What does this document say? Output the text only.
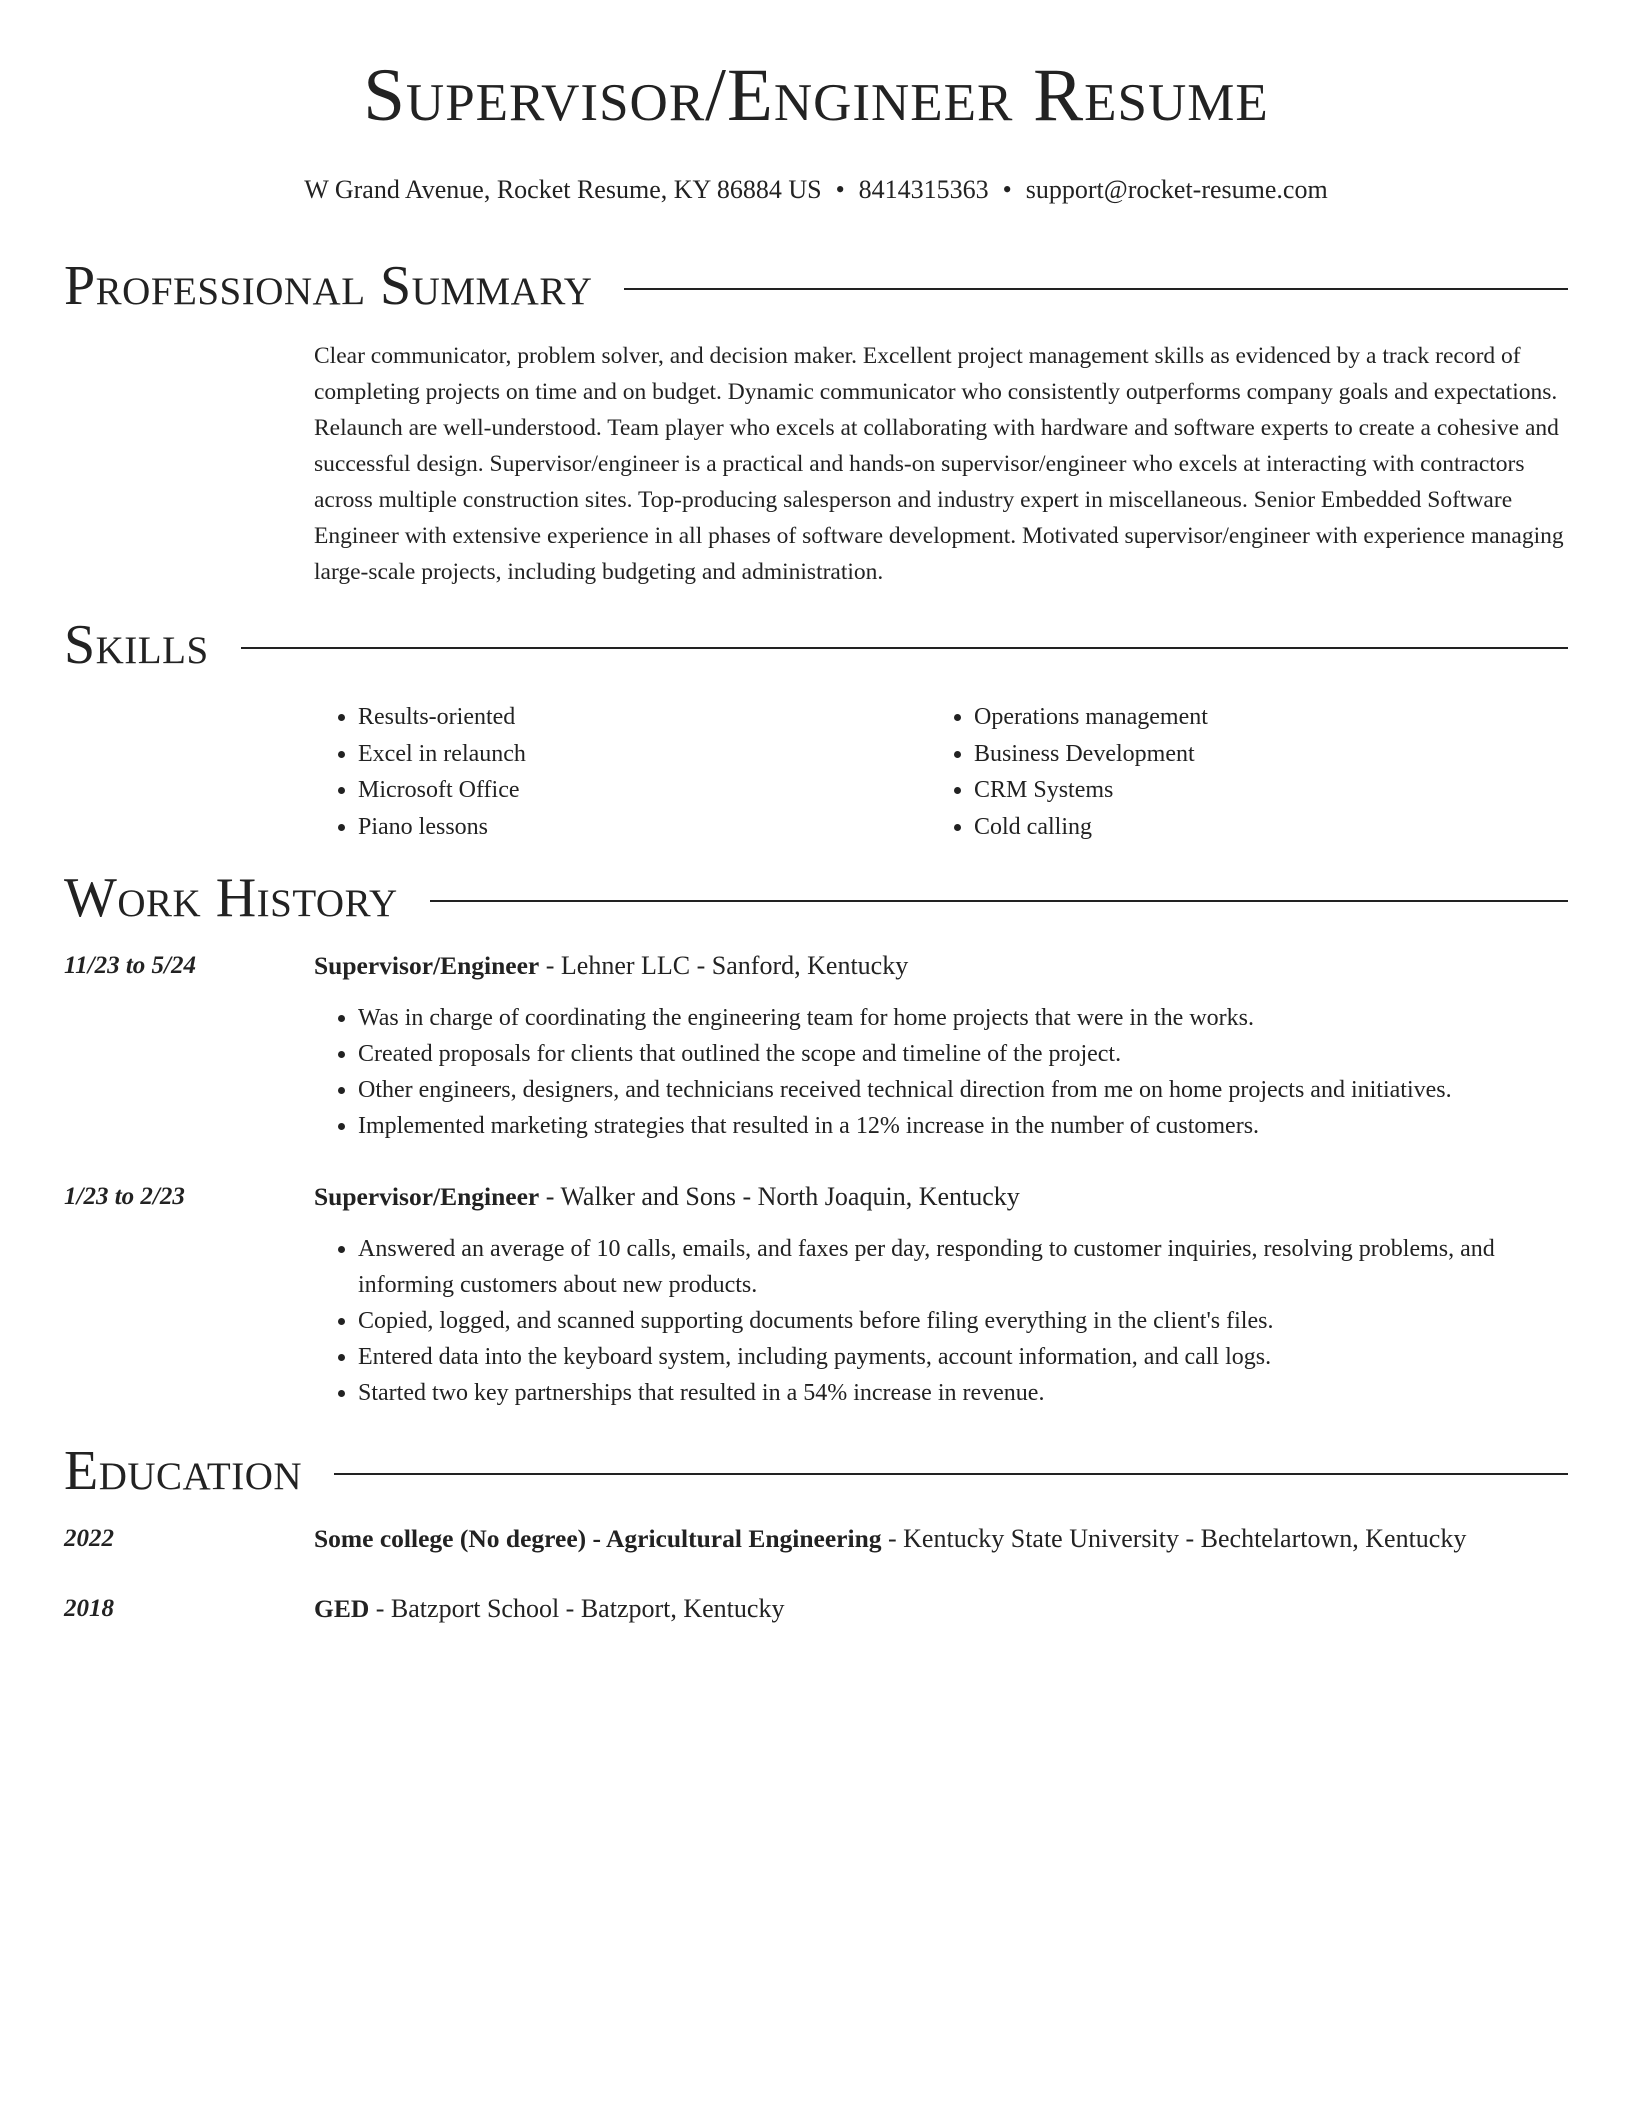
Supervisor/Engineer Resume

W Grand Avenue, Rocket Resume, KY 86884 US • 8414315363 • support@rocket-resume.com

Professional Summary

Clear communicator, problem solver, and decision maker. Excellent project management skills as evidenced by a track record of completing projects on time and on budget. Dynamic communicator who consistently outperforms company goals and expectations. Relaunch are well-understood. Team player who excels at collaborating with hardware and software experts to create a cohesive and successful design. Supervisor/engineer is a practical and hands-on supervisor/engineer who excels at interacting with contractors across multiple construction sites. Top-producing salesperson and industry expert in miscellaneous. Senior Embedded Software Engineer with extensive experience in all phases of software development. Motivated supervisor/engineer with experience managing large-scale projects, including budgeting and administration.

Skills
• Results-oriented
• Excel in relaunch
• Microsoft Office
• Piano lessons
• Operations management
• Business Development
• CRM Systems
• Cold calling
Work History
11/23 to 5/24	Supervisor/Engineer - Lehner LLC - Sanford, Kentucky
• Was in charge of coordinating the engineering team for home projects that were in the works.
• Created proposals for clients that outlined the scope and timeline of the project.
• Other engineers, designers, and technicians received technical direction from me on home projects and initiatives.
• Implemented marketing strategies that resulted in a 12% increase in the number of customers.
1/23 to 2/23	Supervisor/Engineer - Walker and Sons - North Joaquin, Kentucky
• Answered an average of 10 calls, emails, and faxes per day, responding to customer inquiries, resolving problems, and informing customers about new products.
• Copied, logged, and scanned supporting documents before filing everything in the client's files.
• Entered data into the keyboard system, including payments, account information, and call logs.
• Started two key partnerships that resulted in a 54% increase in revenue.
Education
2022	Some college (No degree) - Agricultural Engineering - Kentucky State University - Bechtelartown, Kentucky
2018	GED - Batzport School - Batzport, Kentucky
